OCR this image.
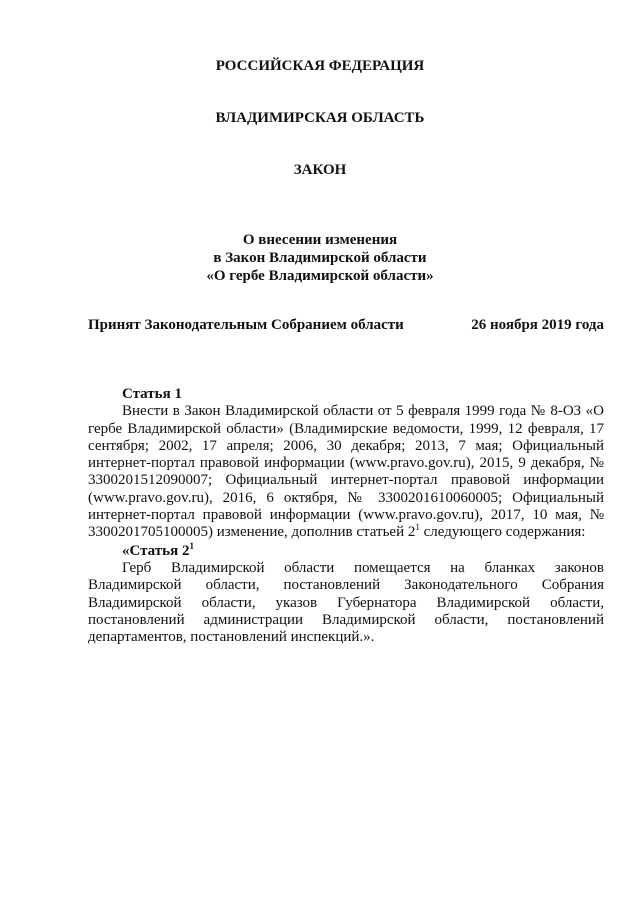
РОССИЙСКАЯ ФЕДЕРАЦИЯ
ВЛАДИМИРСКАЯ ОБЛАСТЬ
ЗАКОН
О внесении изменения
в Закон Владимирской области
«О гербе Владимирской области»
Принят Законодательным Собранием области	26 ноября 2019 года

Статья 1

Внести в Закон Владимирской области от 5 февраля 1999 года № 8-ОЗ «О гербе Владимирской области» (Владимирские ведомости, 1999, 12 февраля, 17 сентября; 2002, 17 апреля; 2006, 30 декабря; 2013, 7 мая; Официальный интернет-портал правовой информации (www.pravo.gov.ru), 2015, 9 декабря, № 3300201512090007; Официальный интернет-портал правовой информации (www.pravo.gov.ru), 2016, 6 октября, № 3300201610060005; Официальный интернет-портал правовой информации (www.pravo.gov.ru), 2017, 10 мая, № 3300201705100005) изменение, дополнив статьей $2^1$ следующего содержания:

«Статья $2^1$

Герб Владимирской области помещается на бланках законов Владимирской области, постановлений Законодательного Собрания Владимирской области, указов Губернатора Владимирской области, постановлений администрации Владимирской области, постановлений департаментов, постановлений инспекций.».
